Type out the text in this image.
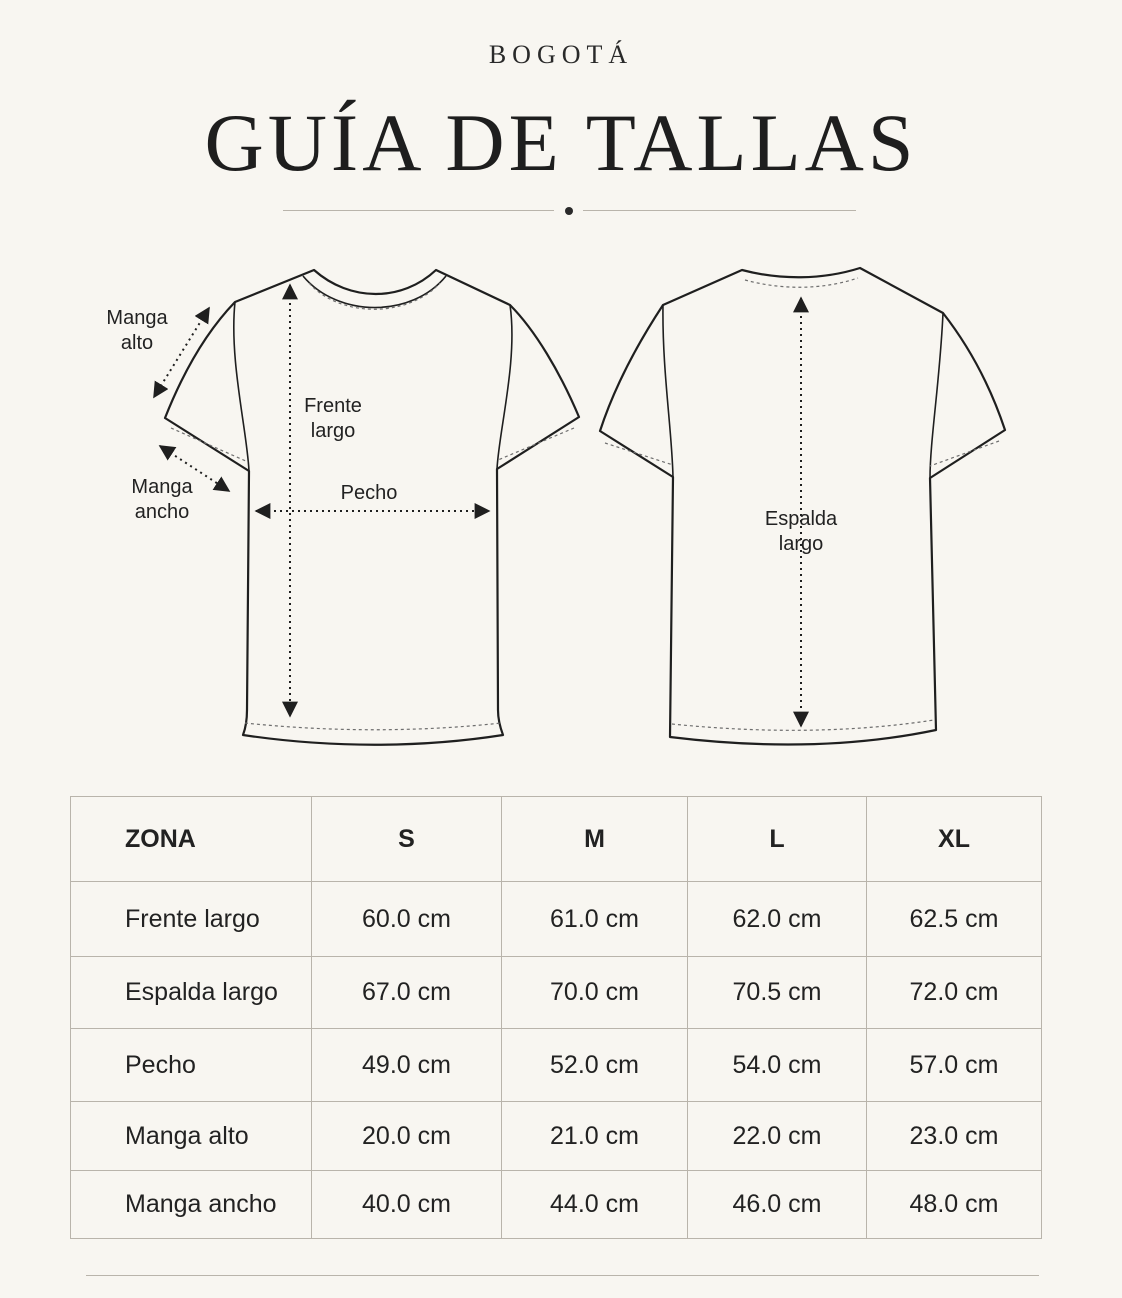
BOGOTÁ
GUÍA DE TALLAS
Manga
alto
Manga
ancho
Frente
largo
Pecho
Espalda
largo
ZONA	S	M	L	XL
Frente largo	60.0 cm	61.0 cm	62.0 cm	62.5 cm
Espalda largo	67.0 cm	70.0 cm	70.5 cm	72.0 cm
Pecho	49.0 cm	52.0 cm	54.0 cm	57.0 cm
Manga alto	20.0 cm	21.0 cm	22.0 cm	23.0 cm
Manga ancho	40.0 cm	44.0 cm	46.0 cm	48.0 cm
